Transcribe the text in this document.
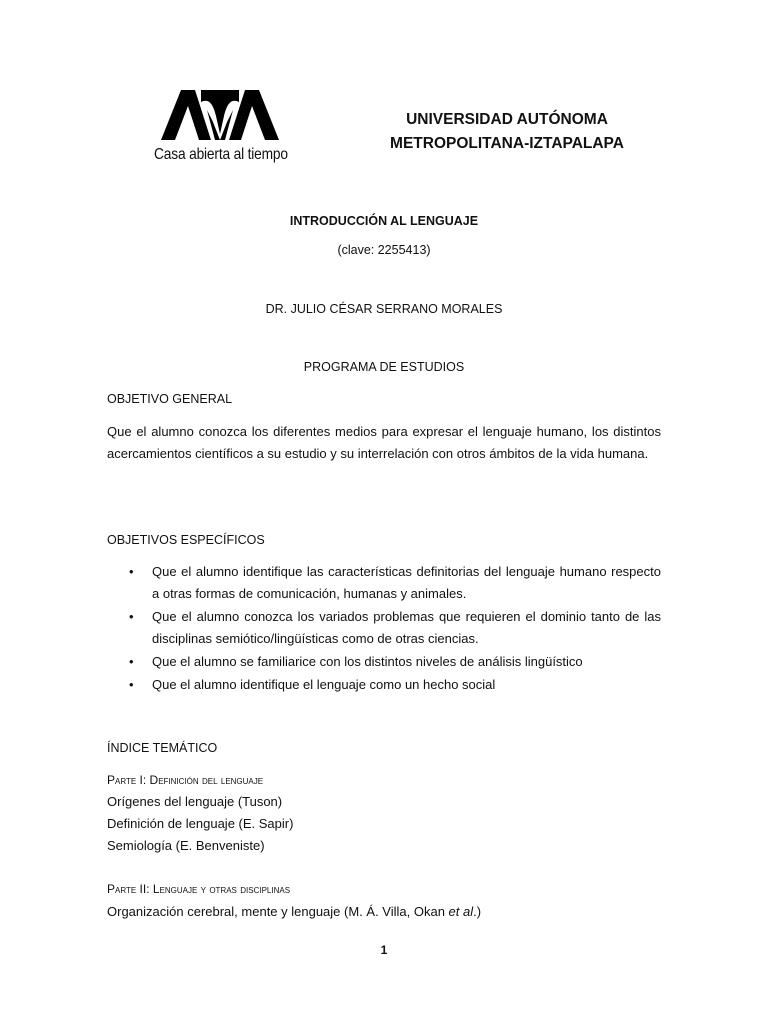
Casa abierta al tiempo
UNIVERSIDAD AUTÓNOMA
METROPOLITANA-IZTAPALAPA
INTRODUCCIÓN AL LENGUAJE
(clave: 2255413)
DR. JULIO CÉSAR SERRANO MORALES
PROGRAMA DE ESTUDIOS
OBJETIVO GENERAL
Que el alumno conozca los diferentes medios para expresar el lenguaje humano, los distintos acercamientos científicos a su estudio y su interrelación con otros ámbitos de la vida humana.
OBJETIVOS ESPECÍFICOS
• Que el alumno identifique las características definitorias del lenguaje humano respecto a otras formas de comunicación, humanas y animales.
• Que el alumno conozca los variados problemas que requieren el dominio tanto de las disciplinas semiótico/lingüísticas como de otras ciencias.
• Que el alumno se familiarice con los distintos niveles de análisis lingüístico
• Que el alumno identifique el lenguaje como un hecho social
ÍNDICE TEMÁTICO
Parte I: Definición del lenguaje
Orígenes del lenguaje (Tuson)
Definición de lenguaje (E. Sapir)
Semiología (E. Benveniste)
Parte II: Lenguaje y otras disciplinas
Organización cerebral, mente y lenguaje (M. Á. Villa, Okan et al.)
1
